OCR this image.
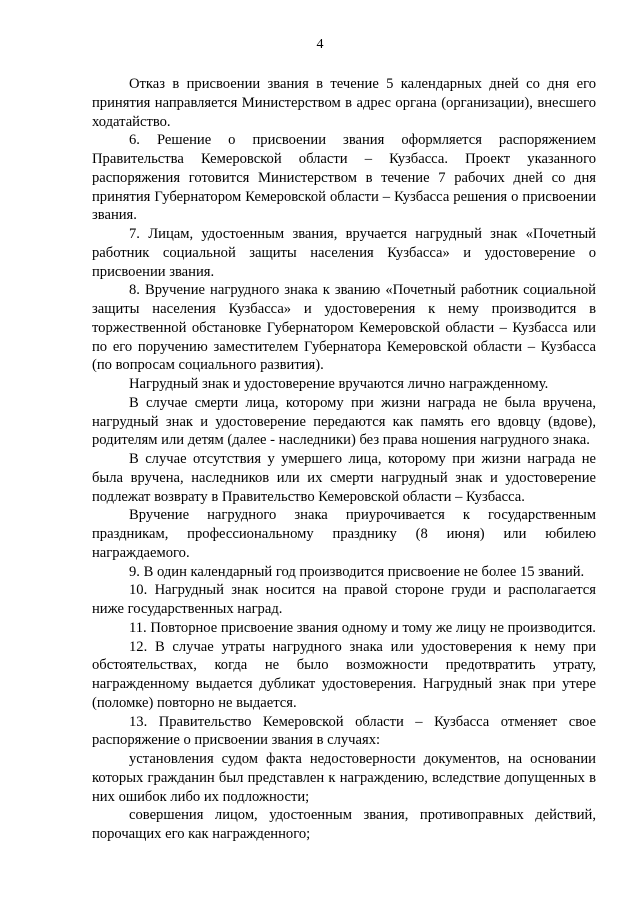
4

Отказ в присвоении звания в течение 5 календарных дней со дня его принятия направляется Министерством в адрес органа (организации), внесшего ходатайство.

6. Решение о присвоении звания оформляется распоряжением Правительства Кемеровской области – Кузбасса. Проект указанного распоряжения готовится Министерством в течение 7 рабочих дней со дня принятия Губернатором Кемеровской области – Кузбасса решения о присвоении звания.

7. Лицам, удостоенным звания, вручается нагрудный знак «Почетный работник социальной защиты населения Кузбасса» и удостоверение о присвоении звания.

8. Вручение нагрудного знака к званию «Почетный работник социальной защиты населения Кузбасса» и удостоверения к нему производится в торжественной обстановке Губернатором Кемеровской области – Кузбасса или по его поручению заместителем Губернатора Кемеровской области – Кузбасса (по вопросам социального развития).

Нагрудный знак и удостоверение вручаются лично награжденному.

В случае смерти лица, которому при жизни награда не была вручена, нагрудный знак и удостоверение передаются как память его вдовцу (вдове), родителям или детям (далее - наследники) без права ношения нагрудного знака.

В случае отсутствия у умершего лица, которому при жизни награда не была вручена, наследников или их смерти нагрудный знак и удостоверение подлежат возврату в Правительство Кемеровской области – Кузбасса.

Вручение нагрудного знака приурочивается к государственным праздникам, профессиональному празднику (8 июня) или юбилею награждаемого.

9. В один календарный год производится присвоение не более 15 званий.

10. Нагрудный знак носится на правой стороне груди и располагается ниже государственных наград.

11. Повторное присвоение звания одному и тому же лицу не производится.

12. В случае утраты нагрудного знака или удостоверения к нему при обстоятельствах, когда не было возможности предотвратить утрату, награжденному выдается дубликат удостоверения. Нагрудный знак при утере (поломке) повторно не выдается.

13. Правительство Кемеровской области – Кузбасса отменяет свое распоряжение о присвоении звания в случаях:

установления судом факта недостоверности документов, на основании которых гражданин был представлен к награждению, вследствие допущенных в них ошибок либо их подложности;

совершения лицом, удостоенным звания, противоправных действий, порочащих его как награжденного;
